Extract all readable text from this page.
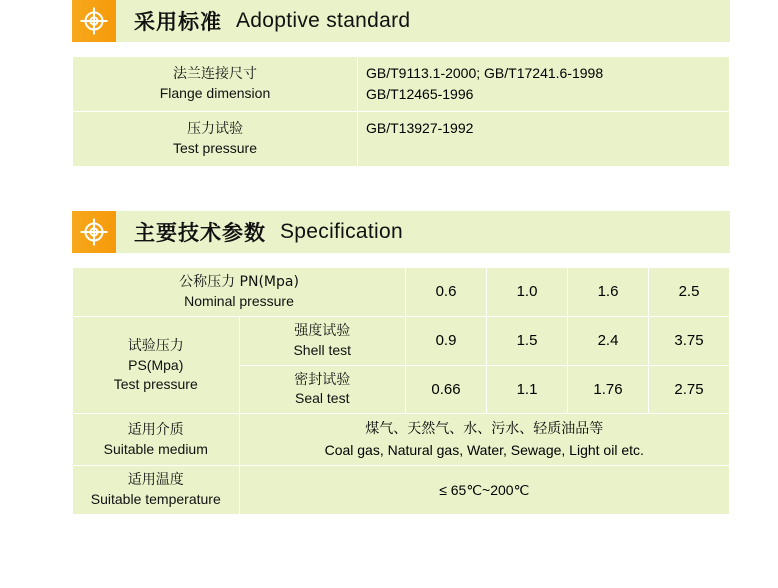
采用标准 Adoptive standard
法兰连接尺寸
Flange dimension

GB/T9113.1-2000; GB/T17241.6-1998
GB/T12465-1996

压力试验
Test pressure	GB/T13927-1992
主要技术参数 Specification
公称压力 PN(Mpa)
Nominal pressure		0.6	1.0	1.6	2.5

试验压力
PS(Mpa)
Test pressure	强度试验
Shell test	0.9	1.5	2.4	3.75

	密封试验
Seal test	0.66	1.1	1.76	2.75

适用介质
Suitable medium	煤气、天然气、水、污水、轻质油品等
Coal gas, Natural gas, Water, Sewage, Light oil etc.				

适用温度
Suitable temperature	≤ 65℃~200℃				
